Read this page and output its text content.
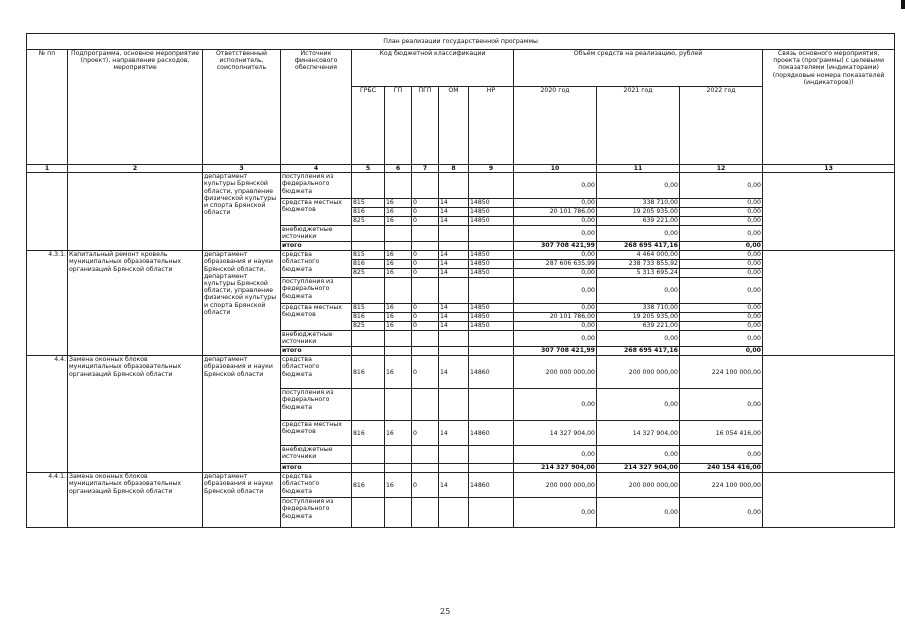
План реализации государственной программы												
№ пп	Подпрограмма, основное мероприятие (проект), направление расходов, мероприятие	Ответственный исполнитель, соисполнитель	Источник финансового обеспечения	Код бюджетной классификации					Объём средств на реализацию, рублей			Связь основного мероприятия, проекта (программы) с целевыми показателями (индикаторами) (порядковые номера показателей (индикаторов))
				ГРБС	ГП	ПГП	ОМ	НР	2020 год	2021 год	2022 год	
1	2	3	4	5	6	7	8	9	10	11	12	13
		департамент культуры Брянской области, управление физической культуры и спорта Брянской области	поступления из федерального бюджета						0,00	0,00	0,00	
			средства местных бюджетов	815	16	0	14	14850	0,00	338 710,00	0,00	
				816	16	0	14	14850	20 101 786,00	19 205 935,00	0,00	
				825	16	0	14	14850	0,00	639 221,00	0,00	
			внебюджетные источники						0,00	0,00	0,00	

			итого						307 708 421,99	268 695 417,16	0,00	
4.3.1.	Капитальный ремонт кровель муниципальных образовательных организаций Брянской области	департамент образования и науки Брянской области, департамент культуры Брянской области, управление физической культуры и спорта Брянской области	средства областного бюджета	815	16	0	14	14850	0,00	4 464 000,00	0,00	
				816	16	0	14	14850	287 606 635,99	238 733 855,92	0,00	
				825	16	0	14	14850	0,00	5 313 695,24	0,00	
			поступления из федерального бюджета						0,00	0,00	0,00	
			средства местных бюджетов	815	16	0	14	14850	0,00	338 710,00	0,00	
				816	16	0	14	14850	20 101 786,00	19 205 935,00	0,00	
				825	16	0	14	14850	0,00	639 221,00	0,00	
			внебюджетные источники						0,00	0,00	0,00	

			итого						307 708 421,99	268 695 417,16	0,00	
4.4.	Замена оконных блоков муниципальных образовательных организаций Брянской области	департамент образования и науки Брянской области	средства областного бюджета	816	16	0	14	14860	200 000 000,00	200 000 000,00	224 100 000,00	
			поступления из федерального бюджета						0,00	0,00	0,00	
			средства местных бюджетов	816	16	0	14	14860	14 327 904,00	14 327 904,00	16 054 416,00	
			внебюджетные источники						0,00	0,00	0,00	

			итого						214 327 904,00	214 327 904,00	240 154 416,00	
4.4.1.	Замена оконных блоков муниципальных образовательных организаций Брянской области	департамент образования и науки Брянской области	средства областного бюджета	816	16	0	14	14860	200 000 000,00	200 000 000,00	224 100 000,00	
			поступления из федерального бюджета						0,00	0,00	0,00	
25
